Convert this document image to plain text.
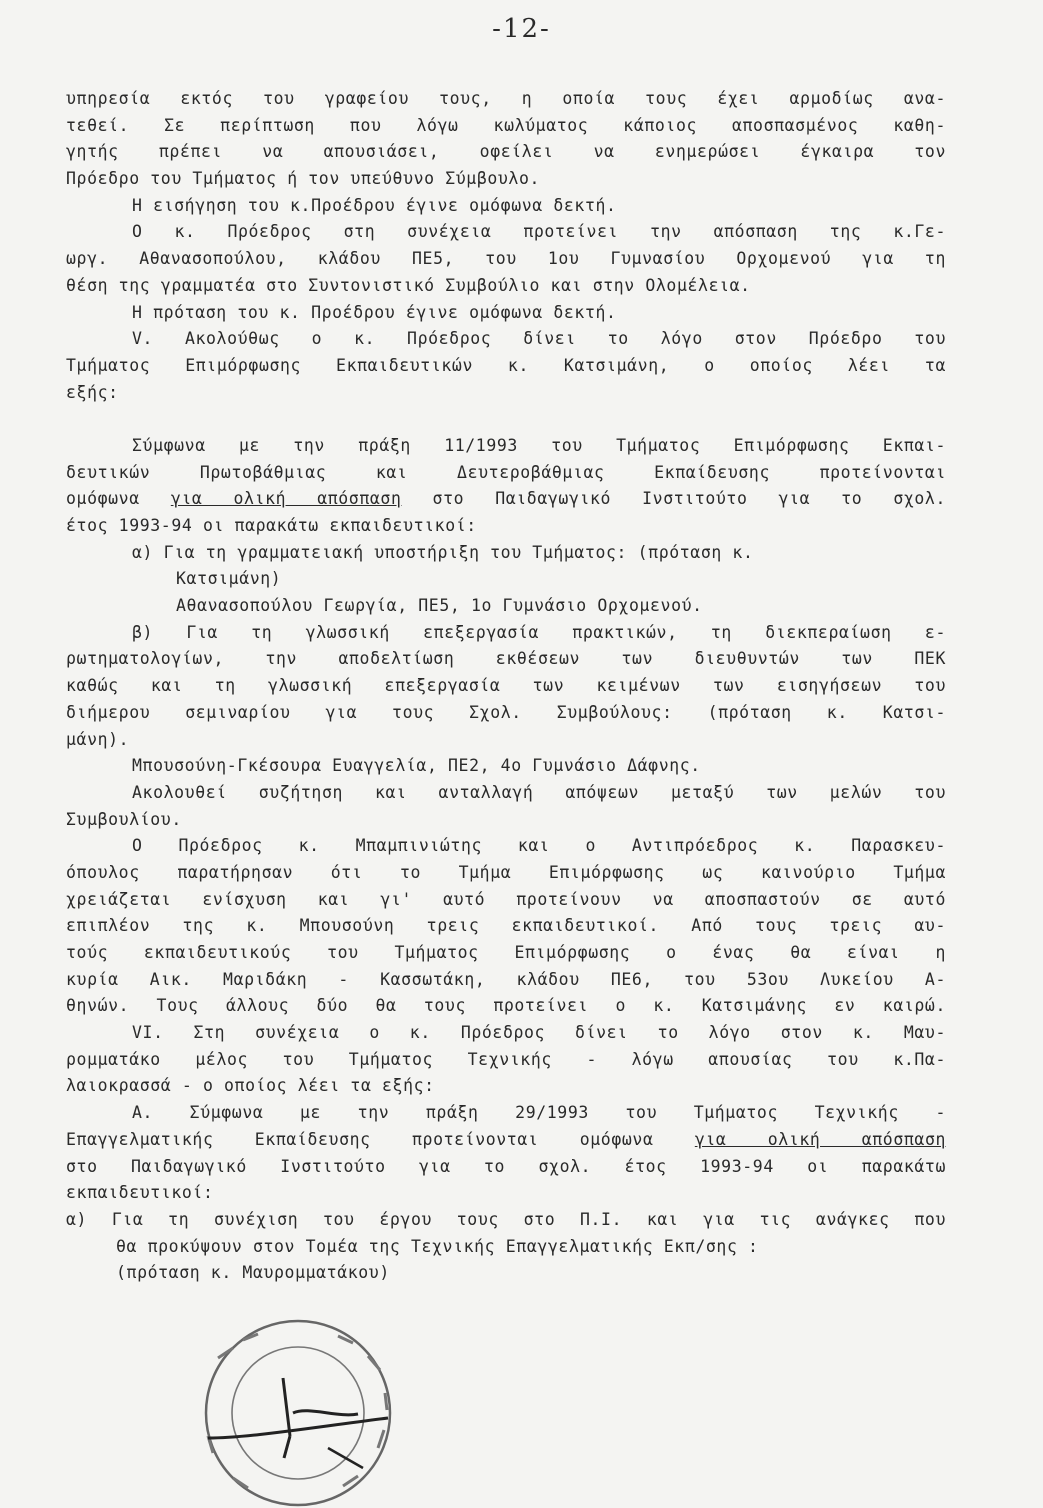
-12-
υπηρεσία εκτός του γραφείου τους, η οποία τους έχει αρμοδίως ανα-
τεθεί. Σε περίπτωση που λόγω κωλύματος κάποιος αποσπασμένος καθη-
γητής πρέπει να απουσιάσει, οφείλει να ενημερώσει έγκαιρα τον
Πρόεδρο του Τμήματος ή τον υπεύθυνο Σύμβουλο.
Η εισήγηση του κ.Προέδρου έγινε ομόφωνα δεκτή.
Ο κ. Πρόεδρος στη συνέχεια προτείνει την απόσπαση της κ.Γε-
ωργ. Αθανασοπούλου, κλάδου ΠΕ5, του 1ου Γυμνασίου Ορχομενού για τη
θέση της γραμματέα στο Συντονιστικό Συμβούλιο και στην Ολομέλεια.
Η πρόταση του κ. Προέδρου έγινε ομόφωνα δεκτή.
V. Ακολούθως ο κ. Πρόεδρος δίνει το λόγο στον Πρόεδρο του
Τμήματος Επιμόρφωσης Εκπαιδευτικών κ. Κατσιμάνη, ο οποίος λέει τα
εξής:
Σύμφωνα με την πράξη 11/1993 του Τμήματος Επιμόρφωσης Εκπαι-
δευτικών Πρωτοβάθμιας και Δευτεροβάθμιας Εκπαίδευσης προτείνονται
ομόφωνα για ολική απόσπαση στο Παιδαγωγικό Ινστιτούτο για το σχολ.
έτος 1993-94 οι παρακάτω εκπαιδευτικοί:
α) Για τη γραμματειακή υποστήριξη του Τμήματος: (πρόταση κ.
Κατσιμάνη)
Αθανασοπούλου Γεωργία, ΠΕ5, 1ο Γυμνάσιο Ορχομενού.
β) Για τη γλωσσική επεξεργασία πρακτικών, τη διεκπεραίωση ε-
ρωτηματολογίων, την αποδελτίωση εκθέσεων των διευθυντών των ΠΕΚ
καθώς και τη γλωσσική επεξεργασία των κειμένων των εισηγήσεων του
διήμερου σεμιναρίου για τους Σχολ. Συμβούλους: (πρόταση κ. Κατσι-
μάνη).
Μπουσούνη-Γκέσουρα Ευαγγελία, ΠΕ2, 4ο Γυμνάσιο Δάφνης.
Ακολουθεί συζήτηση και ανταλλαγή απόψεων μεταξύ των μελών του
Συμβουλίου.
Ο Πρόεδρος κ. Μπαμπινιώτης και ο Αντιπρόεδρος κ. Παρασκευ-
όπουλος παρατήρησαν ότι το Τμήμα Επιμόρφωσης ως καινούριο Τμήμα
χρειάζεται ενίσχυση και γι' αυτό προτείνουν να αποσπαστούν σε αυτό
επιπλέον της κ. Μπουσούνη τρεις εκπαιδευτικοί. Από τους τρεις αυ-
τούς εκπαιδευτικούς του Τμήματος Επιμόρφωσης ο ένας θα είναι η
κυρία Αικ. Μαριδάκη - Κασσωτάκη, κλάδου ΠΕ6, του 53ου Λυκείου Α-
θηνών. Τους άλλους δύο θα τους προτείνει ο κ. Κατσιμάνης εν καιρώ.
VI. Στη συνέχεια ο κ. Πρόεδρος δίνει το λόγο στον κ. Μαυ-
ρομματάκο μέλος του Τμήματος Τεχνικής - λόγω απουσίας του κ.Πα-
λαιοκρασσά - ο οποίος λέει τα εξής:
Α. Σύμφωνα με την πράξη 29/1993 του Τμήματος Τεχνικής -
Επαγγελματικής Εκπαίδευσης προτείνονται ομόφωνα για ολική απόσπαση
στο Παιδαγωγικό Ινστιτούτο για το σχολ. έτος 1993-94 οι παρακάτω
εκπαιδευτικοί:
α) Για τη συνέχιση του έργου τους στο Π.Ι. και για τις ανάγκες που
θα προκύψουν στον Τομέα της Τεχνικής Επαγγελματικής Εκπ/σης :
(πρόταση κ. Μαυρομματάκου)
